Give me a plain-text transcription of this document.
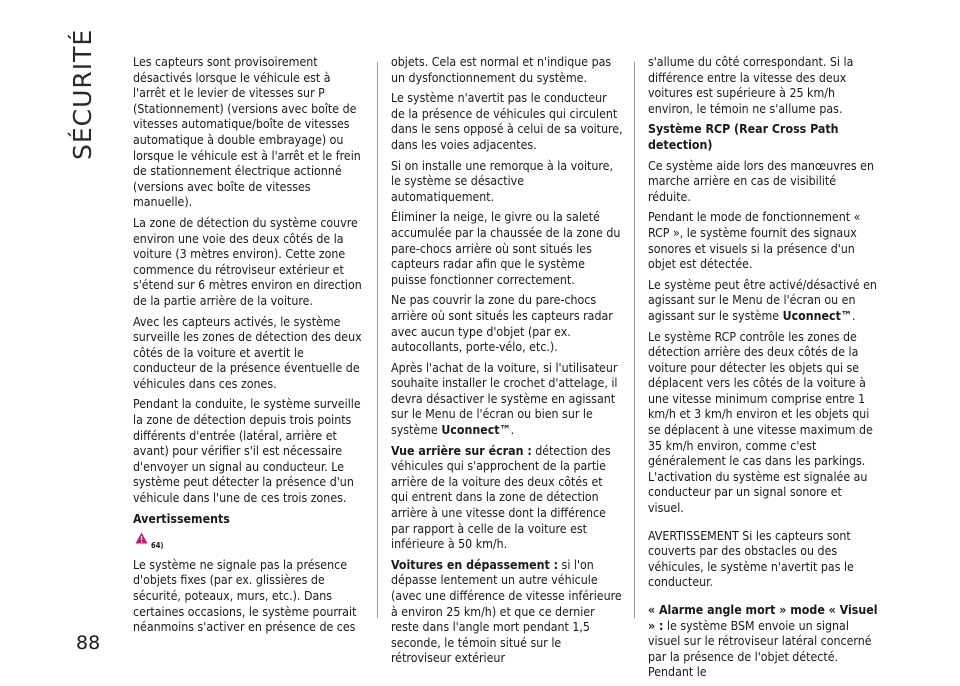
SÉCURITÉ
88

Les capteurs sont provisoirement désactivés lorsque le véhicule est à l'arrêt et le levier de vitesses sur P (Stationnement) (versions avec boîte de vitesses automatique/boîte de vitesses automatique à double embrayage) ou lorsque le véhicule est à l'arrêt et le frein de stationnement électrique actionné (versions avec boîte de vitesses manuelle).

La zone de détection du système couvre environ une voie des deux côtés de la voiture (3 mètres environ). Cette zone commence du rétroviseur extérieur et s'étend sur 6 mètres environ en direction de la partie arrière de la voiture.

Avec les capteurs activés, le système surveille les zones de détection des deux côtés de la voiture et avertit le conducteur de la présence éventuelle de véhicules dans ces zones.

Pendant la conduite, le système surveille la zone de détection depuis trois points différents d'entrée (latéral, arrière et avant) pour vérifier s'il est nécessaire d'envoyer un signal au conducteur. Le système peut détecter la présence d'un véhicule dans l'une de ces trois zones.

Avertissements

64)

Le système ne signale pas la présence d'objets fixes (par ex. glissières de sécurité, poteaux, murs, etc.). Dans certaines occasions, le système pourrait néanmoins s'activer en présence de ces

objets. Cela est normal et n'indique pas un dysfonctionnement du système.

Le système n'avertit pas le conducteur de la présence de véhicules qui circulent dans le sens opposé à celui de sa voiture, dans les voies adjacentes.

Si on installe une remorque à la voiture, le système se désactive automatiquement.

Éliminer la neige, le givre ou la saleté accumulée par la chaussée de la zone du pare-chocs arrière où sont situés les capteurs radar afin que le système puisse fonctionner correctement.

Ne pas couvrir la zone du pare-chocs arrière où sont situés les capteurs radar avec aucun type d'objet (par ex. autocollants, porte-vélo, etc.).

Après l'achat de la voiture, si l'utilisateur souhaite installer le crochet d'attelage, il devra désactiver le système en agissant sur le Menu de l'écran ou bien sur le système Uconnect™.

Vue arrière sur écran : détection des véhicules qui s'approchent de la partie arrière de la voiture des deux côtés et qui entrent dans la zone de détection arrière à une vitesse dont la différence par rapport à celle de la voiture est inférieure à 50 km/h.

Voitures en dépassement : si l'on dépasse lentement un autre véhicule (avec une différence de vitesse inférieure à environ 25 km/h) et que ce dernier reste dans l'angle mort pendant 1,5 seconde, le témoin situé sur le rétroviseur extérieur

s'allume du côté correspondant. Si la différence entre la vitesse des deux voitures est supérieure à 25 km/h environ, le témoin ne s'allume pas.

Système RCP (Rear Cross Path detection)

Ce système aide lors des manœuvres en marche arrière en cas de visibilité réduite.

Pendant le mode de fonctionnement « RCP », le système fournit des signaux sonores et visuels si la présence d'un objet est détectée.

Le système peut être activé/désactivé en agissant sur le Menu de l'écran ou en agissant sur le système Uconnect™.

Le système RCP contrôle les zones de détection arrière des deux côtés de la voiture pour détecter les objets qui se déplacent vers les côtés de la voiture à une vitesse minimum comprise entre 1 km/h et 3 km/h environ et les objets qui se déplacent à une vitesse maximum de 35 km/h environ, comme c'est généralement le cas dans les parkings. L'activation du système est signalée au conducteur par un signal sonore et visuel.

AVERTISSEMENT Si les capteurs sont couverts par des obstacles ou des véhicules, le système n'avertit pas le conducteur.

« Alarme angle mort » mode « Visuel » : le système BSM envoie un signal visuel sur le rétroviseur latéral concerné par la présence de l'objet détecté. Pendant le
